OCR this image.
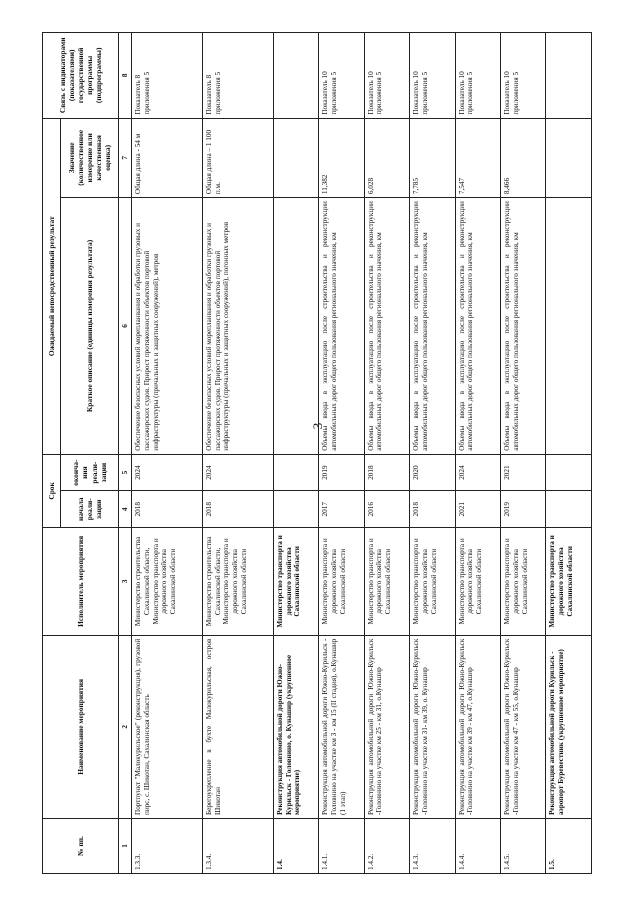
3
№ пп.	Наименование мероприятия	Исполнитель мероприятия	Срок		Ожидаемый непосредственный результат		Связь с индикаторами (показателями) государственной программы (подпрограммы)
			начала реали-зации	оконча-ния реали-зации	Краткое описание (единицы измерения результата)	Значение (количественное измерение или качественная оценка)	
1	2	3	4	5	6	7	8
1.3.3.	Портпункт "Малокурильское" (реконструкция), грузовой пирс, с. Шикотан, Сахалинская область	Министерство строительства Сахалинской области, Министерство транспорта и дорожного хозяйства Сахалинской области	2018	2024	Обеспечение безопасных условий морепланвания и обработки грузовых и пассажирских судов. Прирост протяженности объектов портовой инфраструктуры (причальных и защитных сооружений), метров	Общая длина - 54 м	Показатель 8 приложения 5
1.3.4.	Берегоукрепление в бухте Малокурильская, остров Шикотан	Министерство строительства Сахалинской области, Министерство транспорта и дорожного хозяйства Сахалинской области	2018	2024	Обеспечение безопасных условий морепланвания и обработки грузовых и пассажирских судов. Прирост протяженности объектов портовой инфраструктуры (причальных и защитных сооружений), погонных метров	Общая длина – 1 100 п.м.	Показатель 8 приложения 5
1.4.	Реконструкция автомобильной дороги Южно-Курильск - Головнино, о. Кунашир (укрупненное мероприятие)	Министерство транспорта и дорожного хозяйства Сахалинской области					
1.4.1.	Реконструкция автомобильной дороги Южно-Курильск - Головнино на участке км 3 - км 15 (II стадия), о.Кунашир (1 этап)	Министерство транспорта и дорожного хозяйства Сахалинской области	2017	2019	Объемы ввода в эксплуатацию после строительства и реконструкции автомобильных дорог общего пользования регионального значения, км	11,382	Показатель 10 приложения 5
1.4.2.	Реконструкция автомобильной дороги Южно-Курильск -Головнино на участке км 25 - км 31, о.Кунашир	Министерство транспорта и дорожного хозяйства Сахалинской области	2016	2018	Объемы ввода в эксплуатацию после строительства и реконструкции автомобильных дорог общего пользования регионального значения, км	6,028	Показатель 10 приложения 5
1.4.3.	Реконструкция автомобильной дороги Южно-Курильск -Головнино на участке км 31- км 39, о. Кунашир	Министерство транспорта и дорожного хозяйства Сахалинской области	2018	2020	Объемы ввода в эксплуатацию после строительства и реконструкции автомобильных дорог общего пользования регионального значения, км	7,785	Показатель 10 приложения 5
1.4.4.	Реконструкция автомобильной дороги Южно-Курильск -Головнино на участке км 39 - км 47, о.Кунашир	Министерство транспорта и дорожного хозяйства Сахалинской области	2021	2024	Объемы ввода в эксплуатацию после строительства и реконструкции автомобильных дорог общего пользования регионального значения, км	7,547	Показатель 10 приложения 5
1.4.5.	Реконструкция автомобильной дороги Южно-Курильск -Головнино на участке км 47 - км 55, о.Кунашир	Министерство транспорта и дорожного хозяйства Сахалинской области	2019	2021	Объемы ввода в эксплуатацию после строительства и реконструкции автомобильных дорог общего пользования регионального значения, км	8,466	Показатель 10 приложения 5
1.5.	Реконструкция автомобильной дороги Курильск - аэропорт Буревестник (укрупненное мероприятие)	Министерство транспорта и дорожного хозяйства Сахалинской области					
